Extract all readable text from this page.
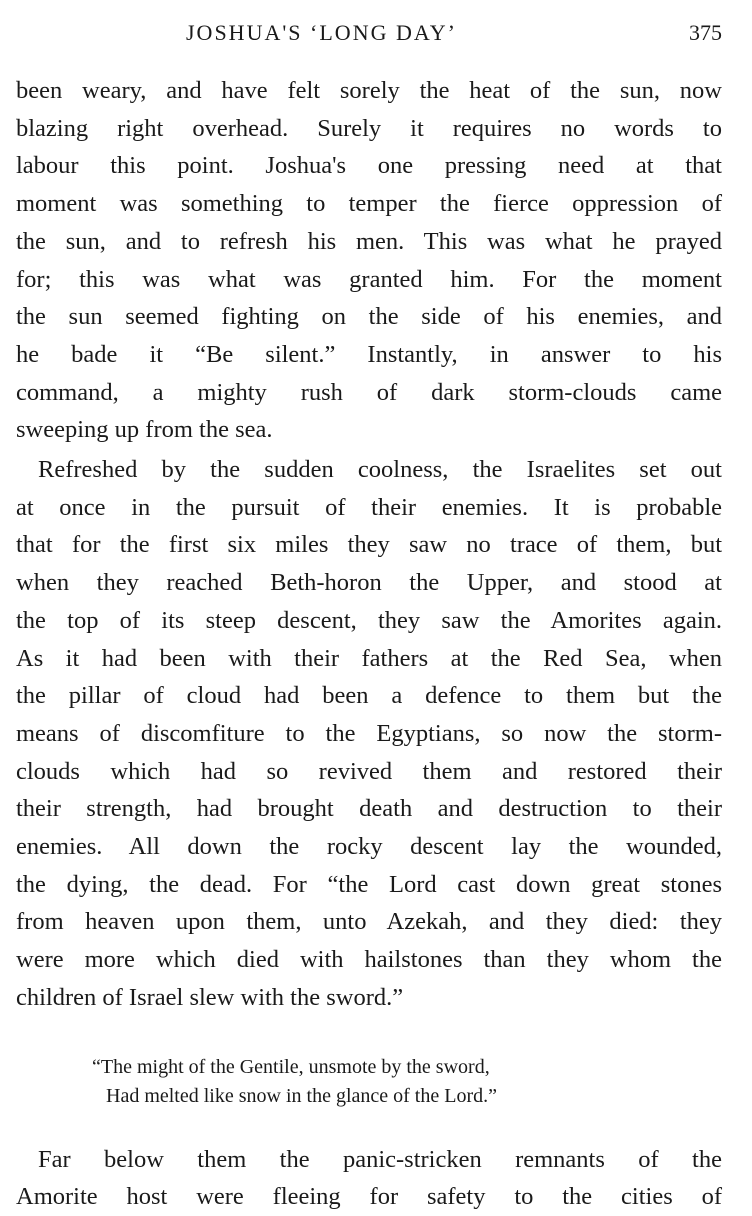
JOSHUA'S ‘LONG DAY’	375

been weary, and have felt sorely the heat of the sun, now
blazing right overhead. Surely it requires no words to
labour this point. Joshua's one pressing need at that
moment was something to temper the fierce oppression of
the sun, and to refresh his men. This was what he prayed
for; this was what was granted him. For the moment
the sun seemed fighting on the side of his enemies, and
he bade it “Be silent.” Instantly, in answer to his
command, a mighty rush of dark storm-clouds came
sweeping up from the sea.

Refreshed by the sudden coolness, the Israelites set out
at once in the pursuit of their enemies. It is probable
that for the first six miles they saw no trace of them, but
when they reached Beth-horon the Upper, and stood at
the top of its steep descent, they saw the Amorites again.
As it had been with their fathers at the Red Sea, when
the pillar of cloud had been a defence to them but the
means of discomfiture to the Egyptians, so now the storm-
clouds which had so revived them and restored their
their strength, had brought death and destruction to their
enemies. All down the rocky descent lay the wounded,
the dying, the dead. For “the Lord cast down great stones
from heaven upon them, unto Azekah, and they died: they
were more which died with hailstones than they whom the
children of Israel slew with the sword.”

“The might of the Gentile, unsmote by the sword,
Had melted like snow in the glance of the Lord.”

Far below them the panic-stricken remnants of the
Amorite host were fleeing for safety to the cities of
